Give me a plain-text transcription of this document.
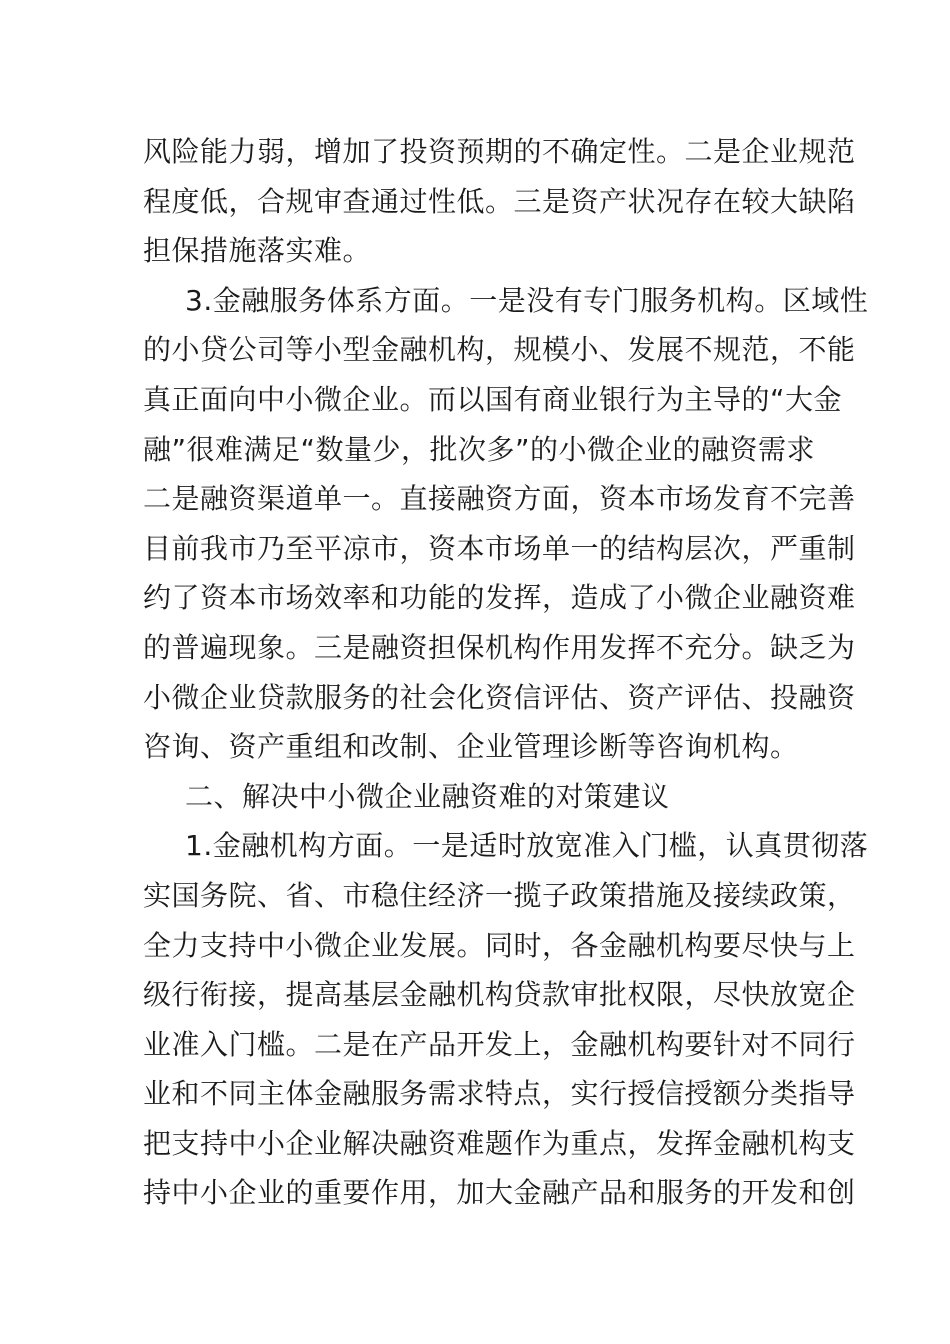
风险能力弱，增加了投资预期的不确定性。二是企业规范
程度低，合规审查通过性低。三是资产状况存在较大缺陷
担保措施落实难。
3.金融服务体系方面。一是没有专门服务机构。区域性
的小贷公司等小型金融机构，规模小、发展不规范，不能
真正面向中小微企业。而以国有商业银行为主导的“大金
融”很难满足“数量少，批次多”的小微企业的融资需求
二是融资渠道单一。直接融资方面，资本市场发育不完善
目前我市乃至平凉市，资本市场单一的结构层次，严重制
约了资本市场效率和功能的发挥，造成了小微企业融资难
的普遍现象。三是融资担保机构作用发挥不充分。缺乏为
小微企业贷款服务的社会化资信评估、资产评估、投融资
咨询、资产重组和改制、企业管理诊断等咨询机构。
二、解决中小微企业融资难的对策建议
1.金融机构方面。一是适时放宽准入门槛，认真贯彻落
实国务院、省、市稳住经济一揽子政策措施及接续政策，
全力支持中小微企业发展。同时，各金融机构要尽快与上
级行衔接，提高基层金融机构贷款审批权限，尽快放宽企
业准入门槛。二是在产品开发上，金融机构要针对不同行
业和不同主体金融服务需求特点，实行授信授额分类指导
把支持中小企业解决融资难题作为重点，发挥金融机构支
持中小企业的重要作用，加大金融产品和服务的开发和创
